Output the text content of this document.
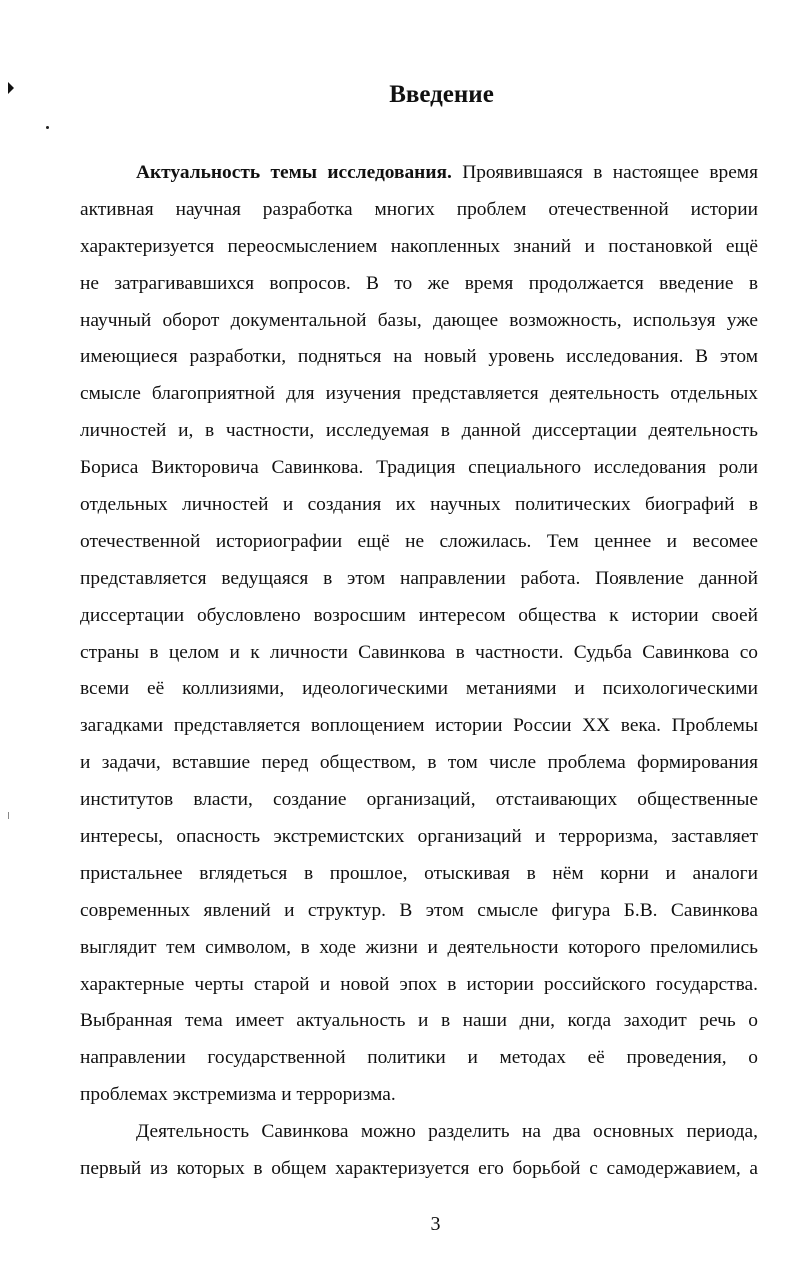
Введение
Актуальность темы исследования. Проявившаяся в настоящее время
активная научная разработка многих проблем отечественной истории
характеризуется переосмыслением накопленных знаний и постановкой ещё
не затрагивавшихся вопросов. В то же время продолжается введение в
научный оборот документальной базы, дающее возможность, используя уже
имеющиеся разработки, подняться на новый уровень исследования. В этом
смысле благоприятной для изучения представляется деятельность отдельных
личностей и, в частности, исследуемая в данной диссертации деятельность
Бориса Викторовича Савинкова. Традиция специального исследования роли
отдельных личностей и создания их научных политических биографий в
отечественной историографии ещё не сложилась. Тем ценнее и весомее
представляется ведущаяся в этом направлении работа. Появление данной
диссертации обусловлено возросшим интересом общества к истории своей
страны в целом и к личности Савинкова в частности. Судьба Савинкова со
всеми её коллизиями, идеологическими метаниями и психологическими
загадками представляется воплощением истории России XX века. Проблемы
и задачи, вставшие перед обществом, в том числе проблема формирования
институтов власти, создание организаций, отстаивающих общественные
интересы, опасность экстремистских организаций и терроризма, заставляет
пристальнее вглядеться в прошлое, отыскивая в нём корни и аналоги
современных явлений и структур. В этом смысле фигура Б.В. Савинкова
выглядит тем символом, в ходе жизни и деятельности которого преломились
характерные черты старой и новой эпох в истории российского государства.
Выбранная тема имеет актуальность и в наши дни, когда заходит речь о
направлении государственной политики и методах её проведения, о
проблемах экстремизма и терроризма.
Деятельность Савинкова можно разделить на два основных периода,
первый из которых в общем характеризуется его борьбой с самодержавием, а
3
